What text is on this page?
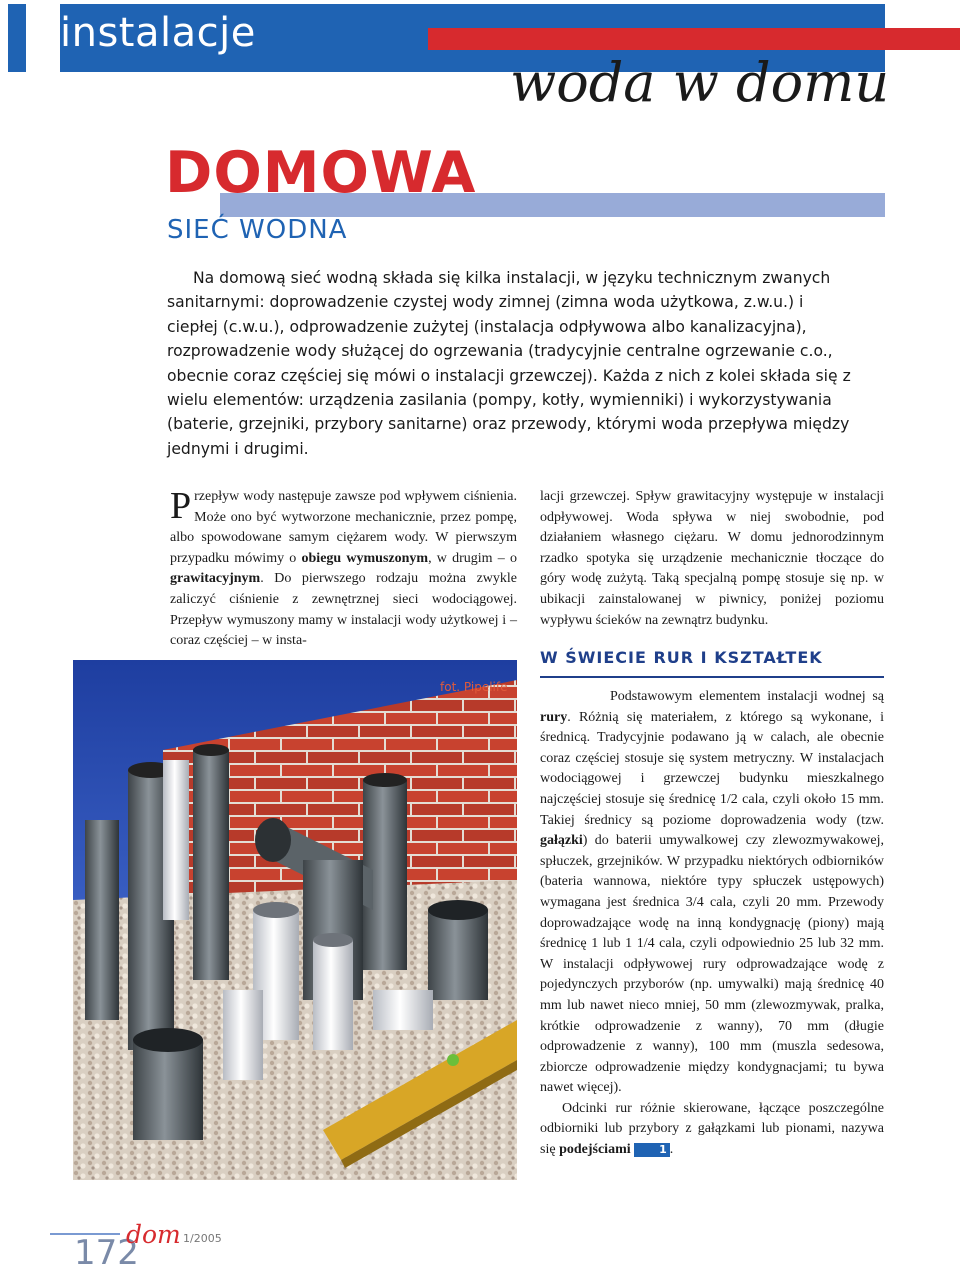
instalacje
woda w domu
DOMOWA
SIEĆ WODNA

Na domową sieć wodną składa się kilka instalacji, w języku technicznym zwanych sanitarnymi: doprowadzenie czystej wody zimnej (zimna woda użytkowa, z.w.u.) i ciepłej (c.w.u.), odprowadzenie zużytej (instalacja odpływowa albo kanalizacyjna), rozprowadzenie wody służącej do ogrzewania (tradycyjnie centralne ogrzewanie c.o., obecnie coraz częściej się mówi o instalacji grzewczej). Każda z nich z kolei składa się z wielu elementów: urządzenia zasilania (pompy, kotły, wymienniki) i wykorzystywania (baterie, grzejniki, przybory sanitarne) oraz przewody, którymi woda przepływa między jednymi i drugimi.

Przepływ wody następuje zawsze pod wpływem ciśnienia. Może ono być wytworzone mechanicznie, przez pompę, albo spowodowane samym ciężarem wody. W pierwszym przypadku mówimy o obiegu wymuszonym, w drugim – o grawitacyjnym. Do pierwszego rodzaju można zwykle zaliczyć ciśnienie z zewnętrznej sieci wodociągowej. Przepływ wymuszony mamy w instalacji wody użytkowej i – coraz częściej – w insta-

lacji grzewczej. Spływ grawitacyjny występuje w instalacji odpływowej. Woda spływa w niej swobodnie, pod działaniem własnego ciężaru. W domu jednorodzinnym rzadko spotyka się urządzenie mechanicznie tłoczące do góry wodę zużytą. Taką specjalną pompę stosuje się np. w ubikacji zainstalowanej w piwnicy, poniżej poziomu wypływu ścieków na zewnątrz budynku.

W ŚWIECIE RUR I KSZTAŁTEK

Podstawowym elementem instalacji wodnej są rury. Różnią się materiałem, z którego są wykonane, i średnicą. Tradycyjnie podawano ją w calach, ale obecnie coraz częściej stosuje się system metryczny. W instalacjach wodociągowej i grzewczej budynku mieszkalnego najczęściej stosuje się średnicę 1/2 cala, czyli około 15 mm. Takiej średnicy są poziome doprowadzenia wody (tzw. gałązki) do baterii umywalkowej czy zlewozmywakowej, spłuczek, grzejników. W przypadku niektórych odbiorników (bateria wannowa, niektóre typy spłuczek ustępowych) wymagana jest średnica 3/4 cala, czyli 20 mm. Przewody doprowadzające wodę na inną kondygnację (piony) mają średnicę 1 lub 1 1/4 cala, czyli odpowiednio 25 lub 32 mm. W instalacji odpływowej rury odprowadzające wodę z pojedynczych przyborów (np. umywalki) mają średnicę 40 mm lub nawet nieco mniej, 50 mm (zlewozmywak, pralka, krótkie odprowadzenie z wanny), 70 mm (długie odprowadzenie z wanny), 100 mm (muszla sedesowa, zbiorcze odprowadzenie między kondygnacjami; tu bywa nawet więcej).

Odcinki rur różnie skierowane, łączące poszczególne odbiorniki lub przybory z gałązkami lub pionami, nazywa się podejściami	1 .

fot. Pipelife
172
dom 1/2005
